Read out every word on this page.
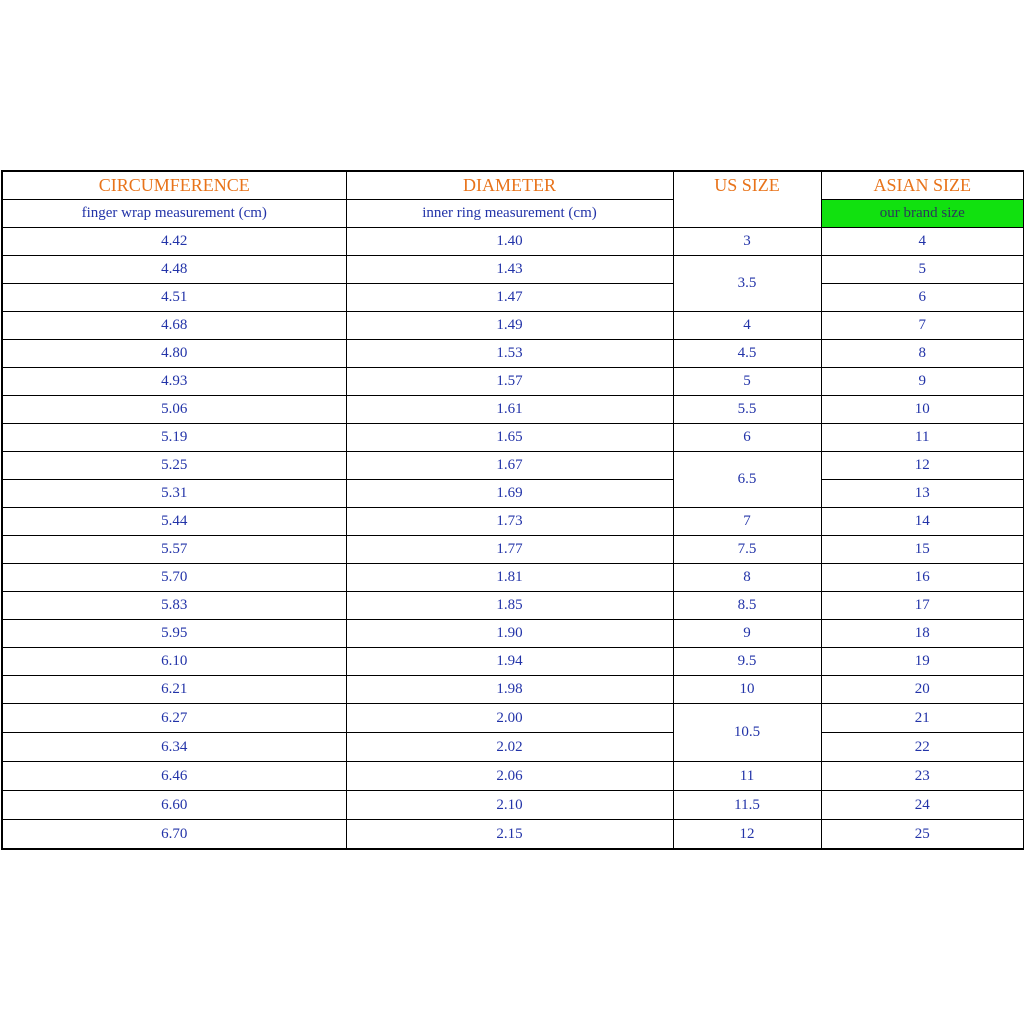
CIRCUMFERENCE	DIAMETER	US SIZE	ASIAN SIZE
finger wrap measurement (cm)	inner ring measurement (cm)		our brand size
4.42	1.40	3	4
4.48	1.43	3.5	5
4.51	1.47		6
4.68	1.49	4	7
4.80	1.53	4.5	8
4.93	1.57	5	9
5.06	1.61	5.5	10
5.19	1.65	6	11
5.25	1.67	6.5	12
5.31	1.69		13
5.44	1.73	7	14
5.57	1.77	7.5	15
5.70	1.81	8	16
5.83	1.85	8.5	17
5.95	1.90	9	18
6.10	1.94	9.5	19
6.21	1.98	10	20
6.27	2.00	10.5	21
6.34	2.02		22
6.46	2.06	11	23
6.60	2.10	11.5	24
6.70	2.15	12	25
